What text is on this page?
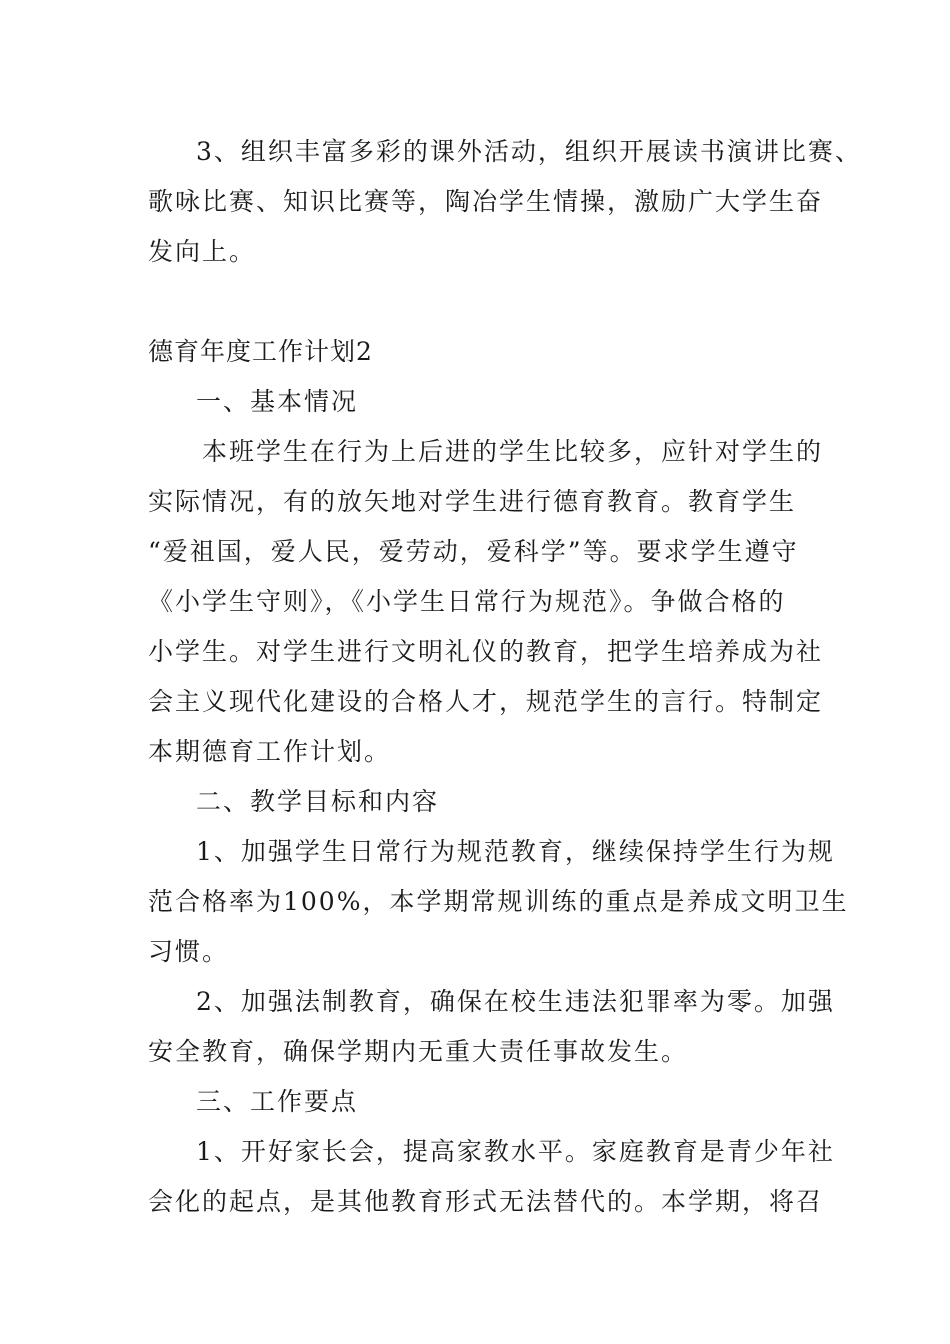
3、组织丰富多彩的课外活动，组织开展读书演讲比赛、
歌咏比赛、知识比赛等，陶冶学生情操，激励广大学生奋
发向上。
德育年度工作计划2
一、基本情况
本班学生在行为上后进的学生比较多，应针对学生的
实际情况，有的放矢地对学生进行德育教育。教育学生
“爱祖国，爱人民，爱劳动，爱科学”等。要求学生遵守
《小学生守则》，《小学生日常行为规范》。争做合格的
小学生。对学生进行文明礼仪的教育，把学生培养成为社
会主义现代化建设的合格人才，规范学生的言行。特制定
本期德育工作计划。
二、教学目标和内容
1、加强学生日常行为规范教育，继续保持学生行为规
范合格率为100%，本学期常规训练的重点是养成文明卫生
习惯。
2、加强法制教育，确保在校生违法犯罪率为零。加强
安全教育，确保学期内无重大责任事故发生。
三、工作要点
1、开好家长会，提高家教水平。家庭教育是青少年社
会化的起点，是其他教育形式无法替代的。本学期，将召
